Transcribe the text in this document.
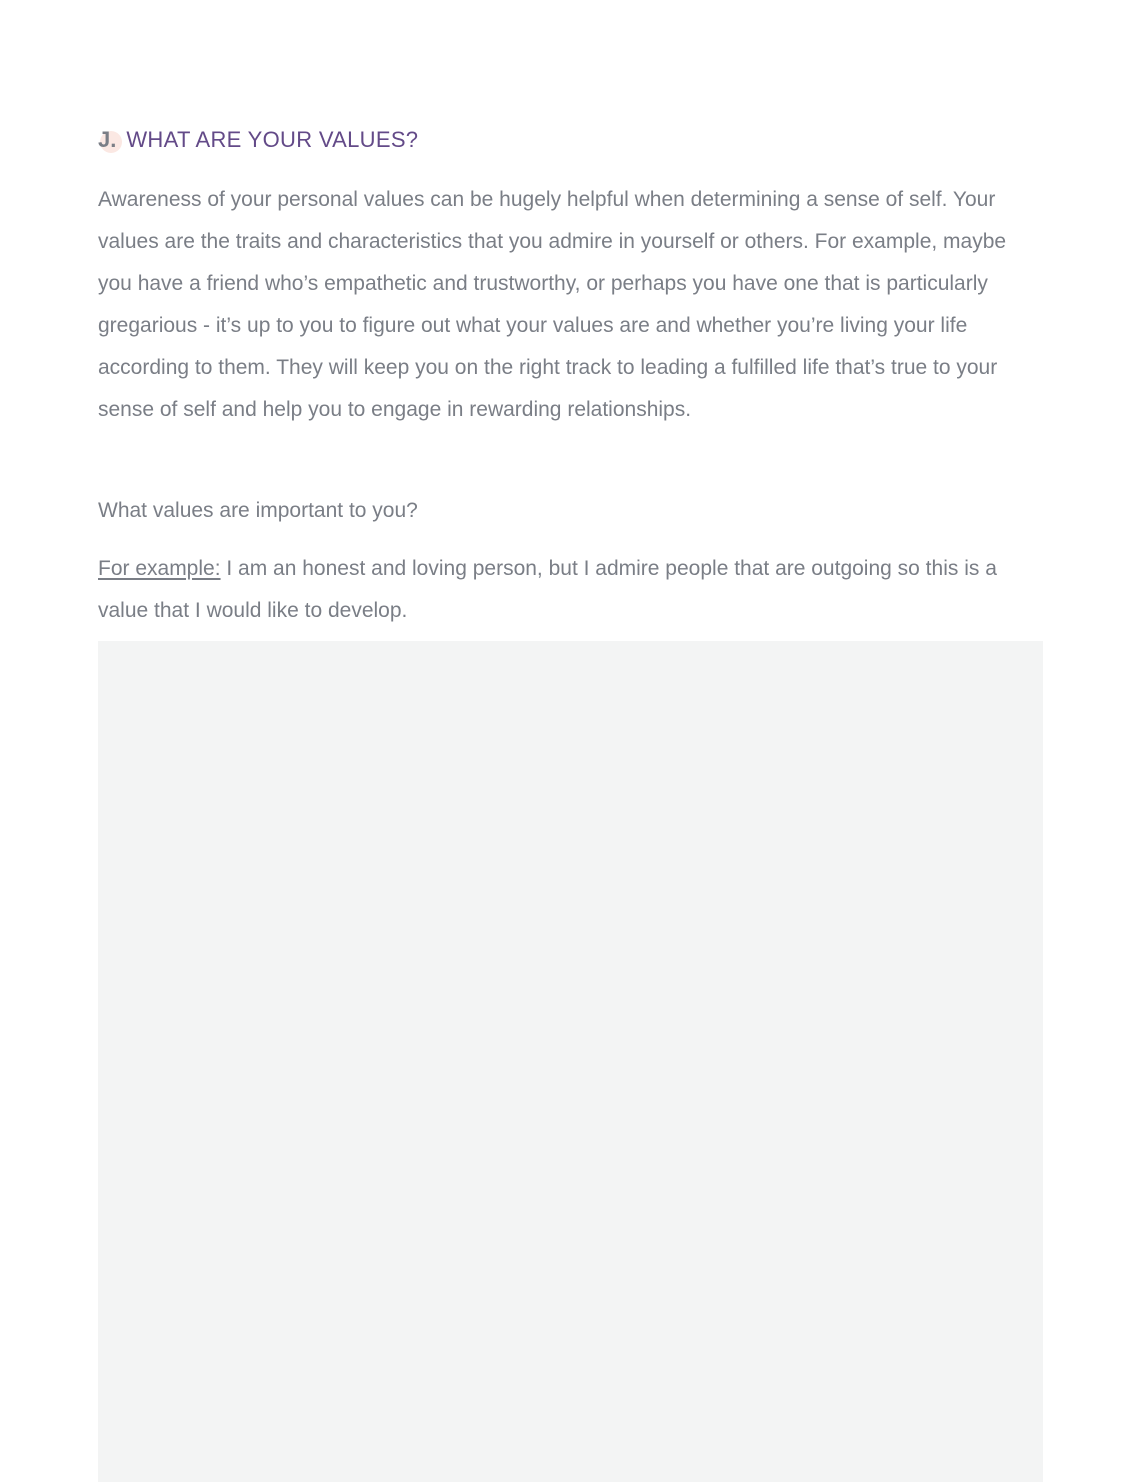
J. WHAT ARE YOUR VALUES?

Awareness of your personal values can be hugely helpful when determining a sense of self. Your values are the traits and characteristics that you admire in yourself or others. For example, maybe you have a friend who’s empathetic and trustworthy, or perhaps you have one that is particularly gregarious - it’s up to you to figure out what your values are and whether you’re living your life according to them. They will keep you on the right track to leading a fulfilled life that’s true to your sense of self and help you to engage in rewarding relationships.

What values are important to you?

For example: I am an honest and loving person, but I admire people that are outgoing so this is a value that I would like to develop.
